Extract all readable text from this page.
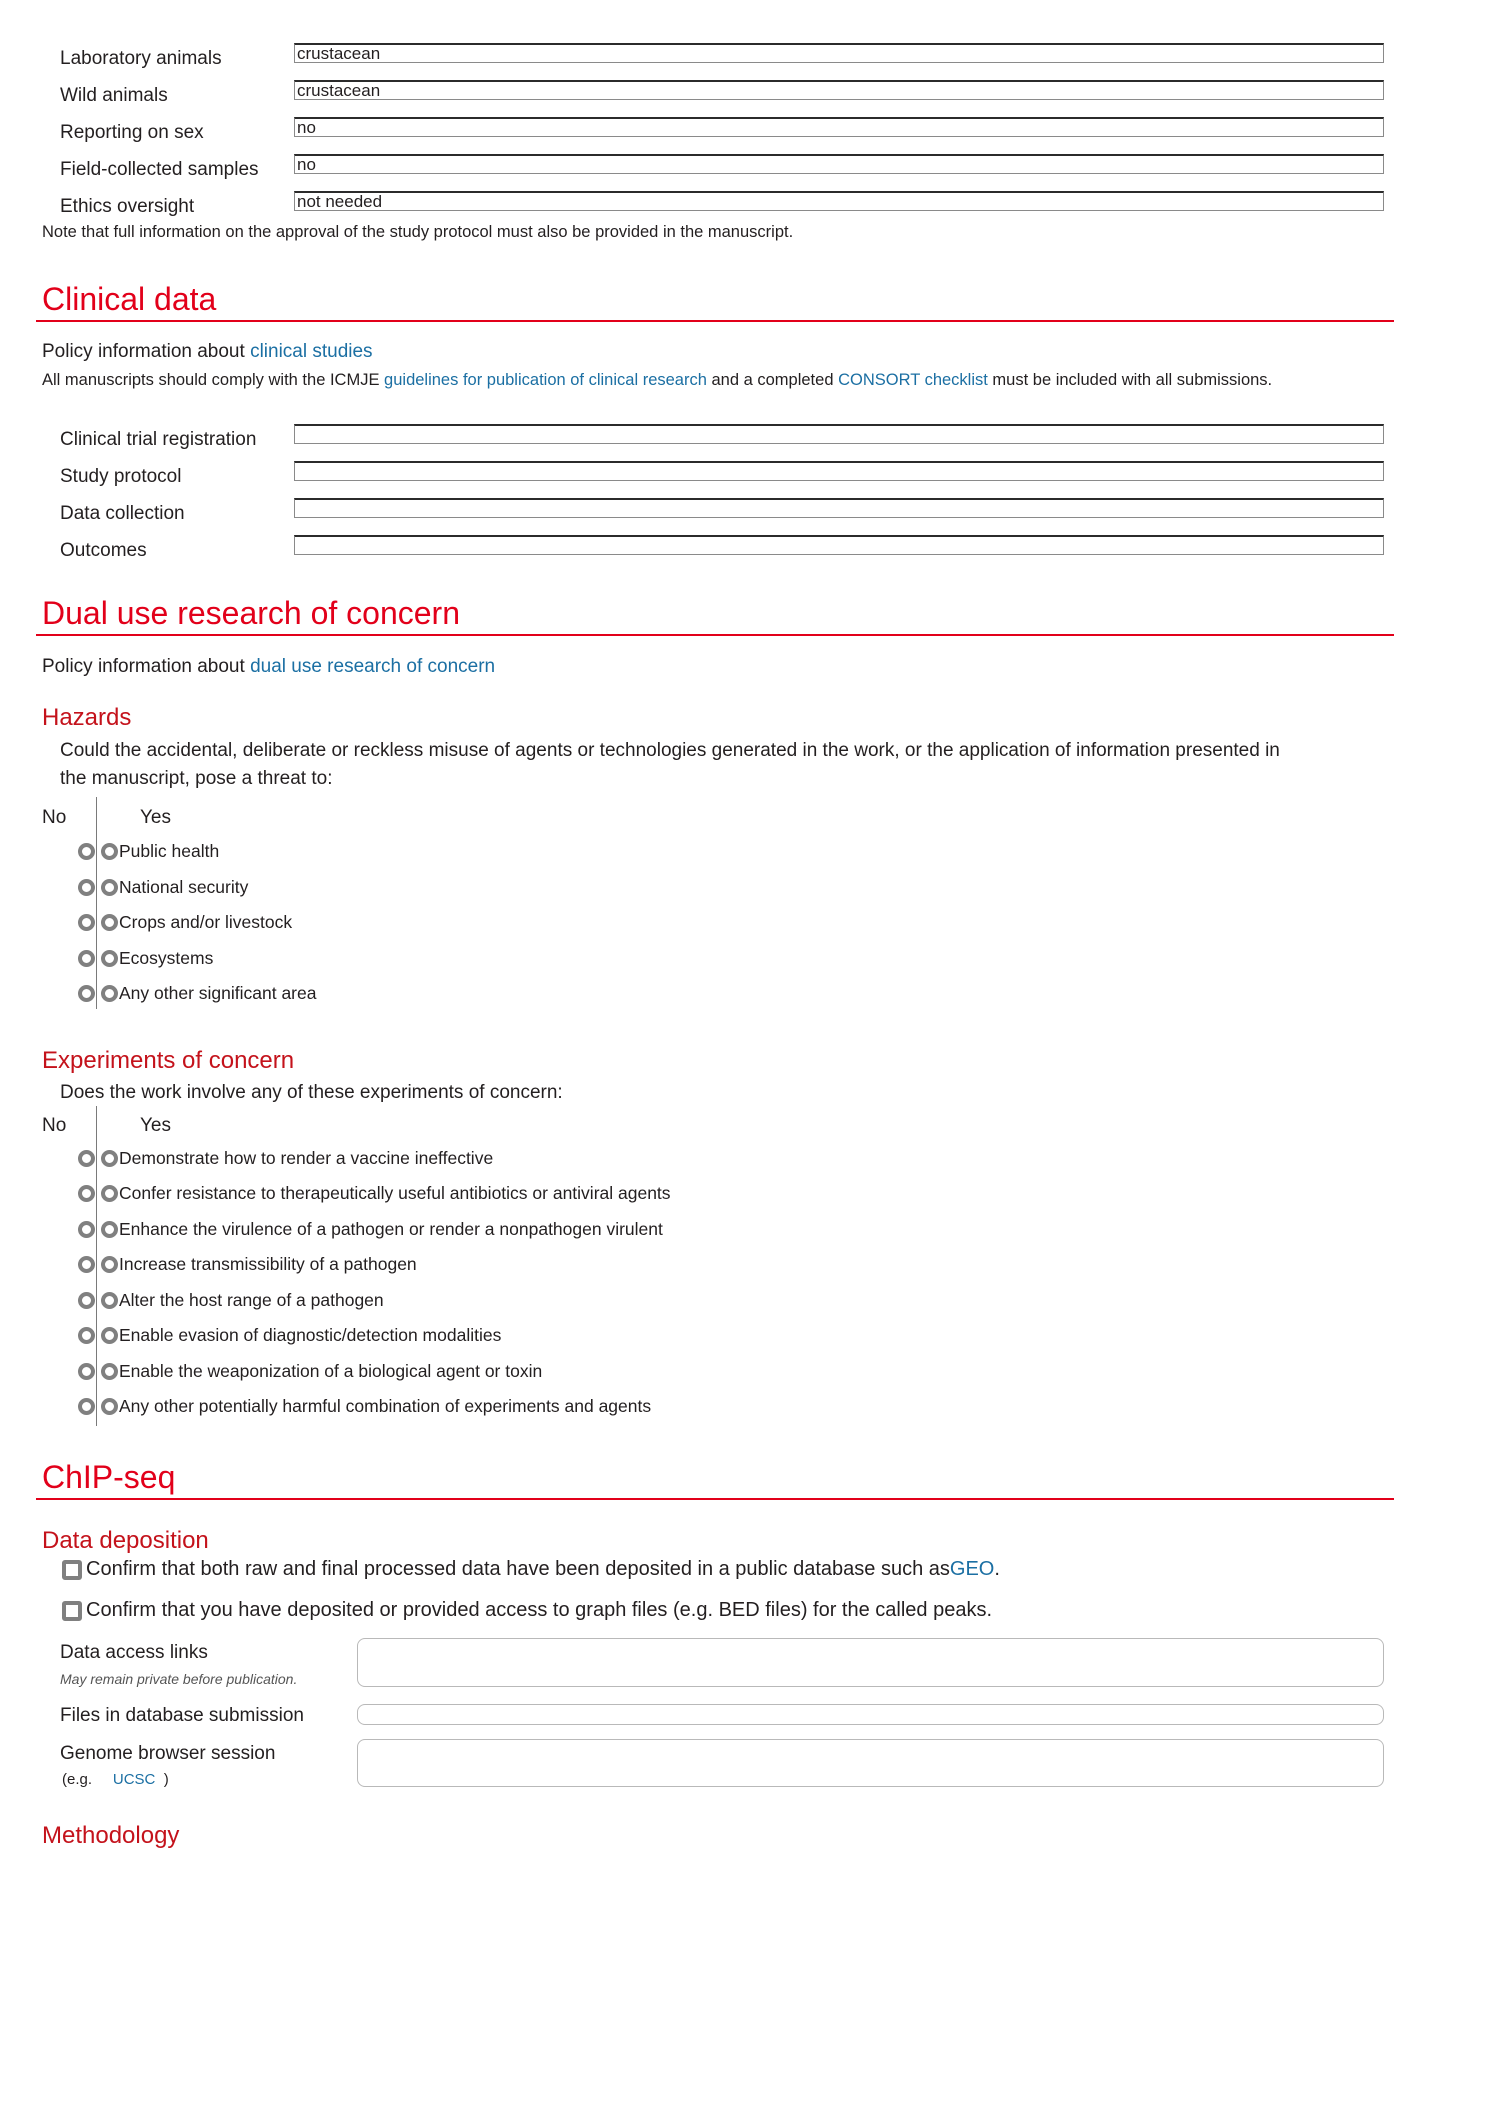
Laboratory animals	crustacean
Wild animals	crustacean
Reporting on sex	no
Field-collected samples no
Ethics oversight	not needed
Note that full information on the approval of the study protocol must also be provided in the manuscript.
Clinical data
Policy information about clinical studies
All manuscripts should comply with the ICMJE guidelines for publication of clinical research and a completed CONSORT checklist must be included with all submissions.
Clinical trial registration
Study protocol
Data collection
Outcomes
Dual use research of concern
Policy information about dual use research of concern
Hazards
Could the accidental, deliberate or reckless misuse of agents or technologies generated in the work, or the application of information presented in
the manuscript, pose a threat to:
No	Yes
Public health
National security
Crops and/or livestock
Ecosystems
Any other significant area
Experiments of concern
Does the work involve any of these experiments of concern:
No	Yes
Demonstrate how to render a vaccine ineffective
Confer resistance to therapeutically useful antibiotics or antiviral agents
Enhance the virulence of a pathogen or render a nonpathogen virulent
Increase transmissibility of a pathogen
Alter the host range of a pathogen
Enable evasion of diagnostic/detection modalities
Enable the weaponization of a biological agent or toxin
Any other potentially harmful combination of experiments and agents
ChIP-seq
Data deposition
Confirm that both raw and final processed data have been deposited in a public database such as GEO .
Confirm that you have deposited or provided access to graph files (e.g. BED files) for the called peaks.
Data access links
May remain private before publication.
Files in database submission
Genome browser session
(e.g. UCSC )
Methodology
